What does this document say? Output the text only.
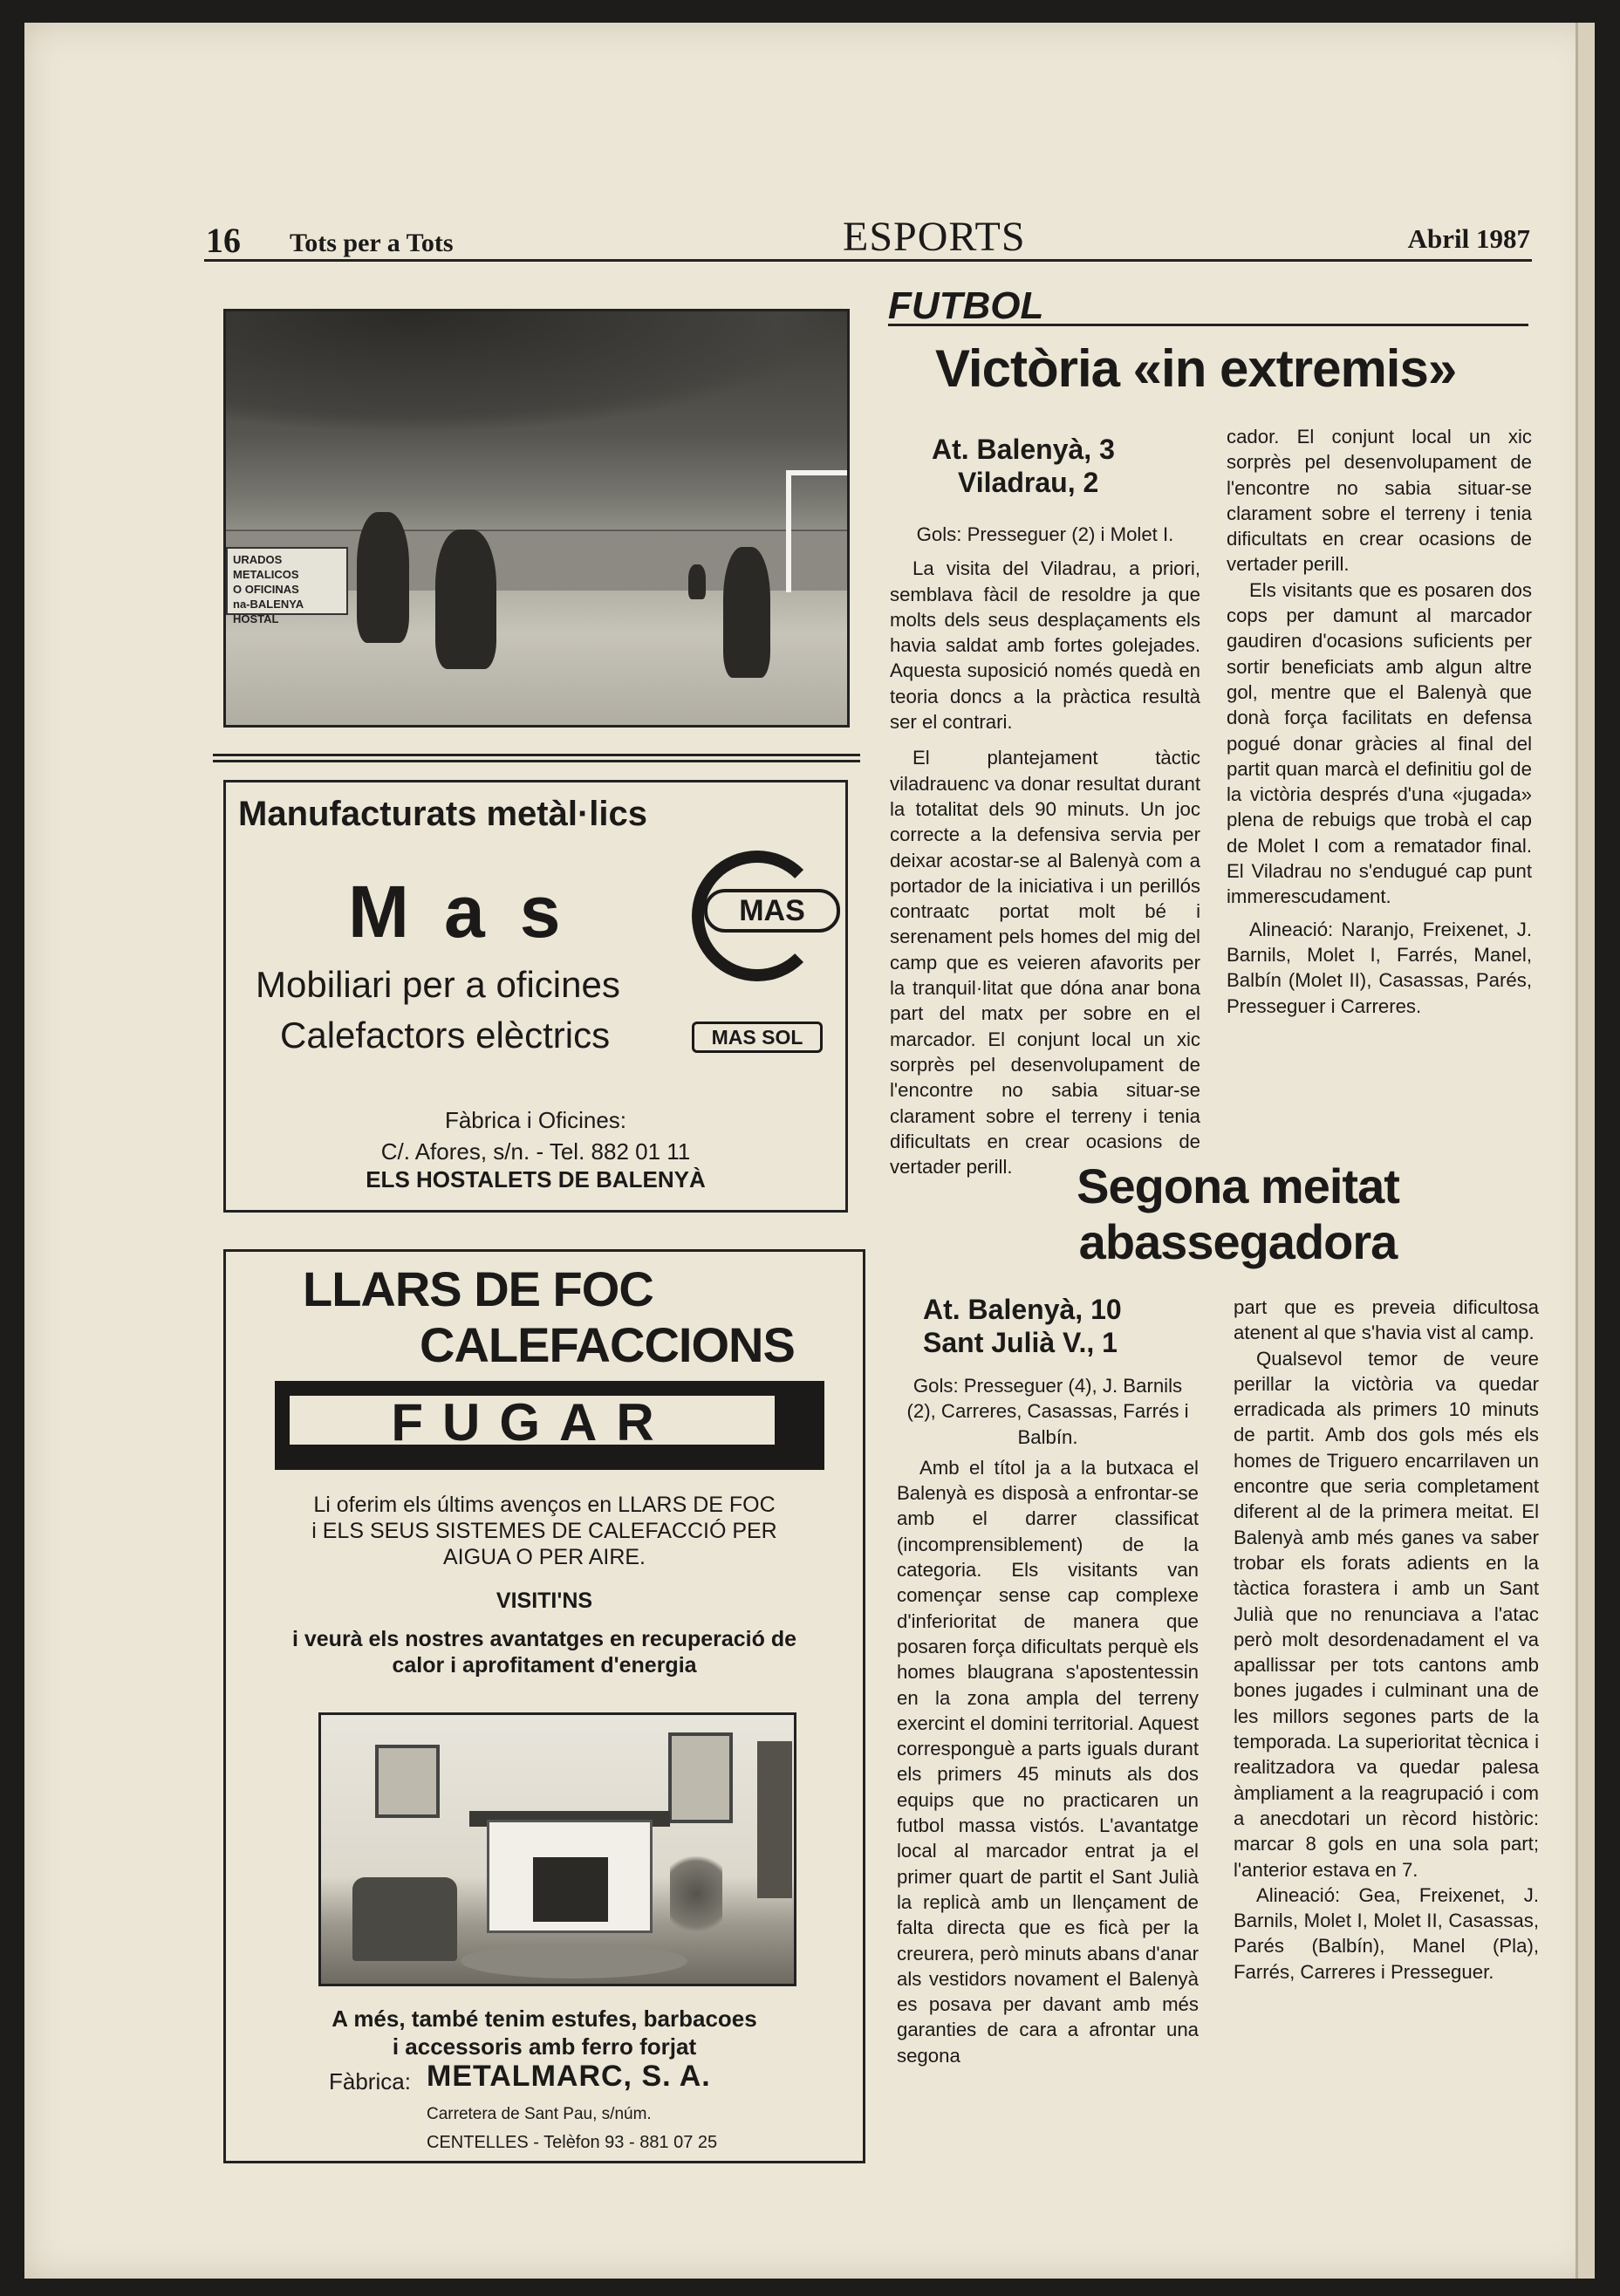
16 Tots per a Tots	ESPORTS	Abril 1987
URADOS METALICOS
O OFICINAS
na-BALENYA HOSTAL
Manufacturats metàl·lics
Mas	MAS
Mobiliari per a oficines
Calefactors elèctrics	MAS SOL
Fàbrica i Oficines:
C/. Afores, s/n. - Tel. 882 01 11
ELS HOSTALETS DE BALENYÀ
LLARS DE FOC
CALEFACCIONS
FUGAR
Li oferim els últims avenços en LLARS DE FOC
i ELS SEUS SISTEMES DE CALEFACCIÓ PER
AIGUA O PER AIRE.
VISITI'NS
i veurà els nostres avantatges en recuperació de
calor i aprofitament d'energia
A més, també tenim estufes, barbacoes
i accessoris amb ferro forjat
Fàbrica: METALMARC, S. A.
Carretera de Sant Pau, s/núm.
CENTELLES - Telèfon 93 - 881 07 25
FUTBOL
Victòria «in extremis»
At. Balenyà, 3
Viladrau, 2

Gols: Presseguer (2) i Molet I.

La visita del Viladrau, a priori, semblava fàcil de resoldre ja que molts dels seus desplaçaments els havia saldat amb fortes golejades. Aquesta suposició només quedà en teoria doncs a la pràctica resultà ser el contrari.

El plantejament tàctic viladrauenc va donar resultat durant la totalitat dels 90 minuts. Un joc correcte a la defensiva servia per deixar acostar-se al Balenyà com a portador de la iniciativa i un perillós contraatc portat molt bé i serenament pels homes del mig del camp que es veieren afavorits per la tranquil·litat que dóna anar bona part del matx per sobre en el marcador. El conjunt local un xic sorprès pel desenvolupament de l'encontre no sabia situar-se clarament sobre el terreny i tenia dificultats en crear ocasions de vertader perill.

cador. El conjunt local un xic sorprès pel desenvolupament de l'encontre no sabia situar-se clarament sobre el terreny i tenia dificultats en crear ocasions de vertader perill.

Els visitants que es posaren dos cops per damunt al marcador gaudiren d'ocasions suficients per sortir beneficiats amb algun altre gol, mentre que el Balenyà que donà força facilitats en defensa pogué donar gràcies al final del partit quan marcà el definitiu gol de la victòria després d'una «jugada» plena de rebuigs que trobà el cap de Molet I com a rematador final. El Viladrau no s'endugué cap punt immerescudament.

Alineació: Naranjo, Freixenet, J. Barnils, Molet I, Farrés, Manel, Balbín (Molet II), Casassas, Parés, Presseguer i Carreres.

Segona meitat abassegadora
At. Balenyà, 10
Sant Julià V., 1

Gols: Presseguer (4), J. Barnils (2), Carreres, Casassas, Farrés i Balbín.

Amb el títol ja a la butxaca el Balenyà es disposà a enfrontar-se amb el darrer classificat (incomprensiblement) de la categoria. Els visitants van començar sense cap complexe d'inferioritat de manera que posaren força dificultats perquè els homes blaugrana s'apostentessin en la zona ampla del terreny exercint el domini territorial. Aquest corresponguè a parts iguals durant els primers 45 minuts als dos equips que no practicaren un futbol massa vistós. L'avantatge local al marcador entrat ja el primer quart de partit el Sant Julià la replicà amb un llençament de falta directa que es ficà per la creurera, però minuts abans d'anar als vestidors novament el Balenyà es posava per davant amb més garanties de cara a afrontar una segona

part que es preveia dificultosa atenent al que s'havia vist al camp.

Qualsevol temor de veure perillar la victòria va quedar erradicada als primers 10 minuts de partit. Amb dos gols més els homes de Triguero encarrilaven un encontre que seria completament diferent al de la primera meitat. El Balenyà amb més ganes va saber trobar els forats adients en la tàctica forastera i amb un Sant Julià que no renunciava a l'atac però molt desordenadament el va apallissar per tots cantons amb bones jugades i culminant una de les millors segones parts de la temporada. La superioritat tècnica i realitzadora va quedar palesa àmpliament a la reagrupació i com a anecdotari un rècord històric: marcar 8 gols en una sola part; l'anterior estava en 7.

Alineació: Gea, Freixenet, J. Barnils, Molet I, Molet II, Casassas, Parés (Balbín), Manel (Pla), Farrés, Carreres i Presseguer.
